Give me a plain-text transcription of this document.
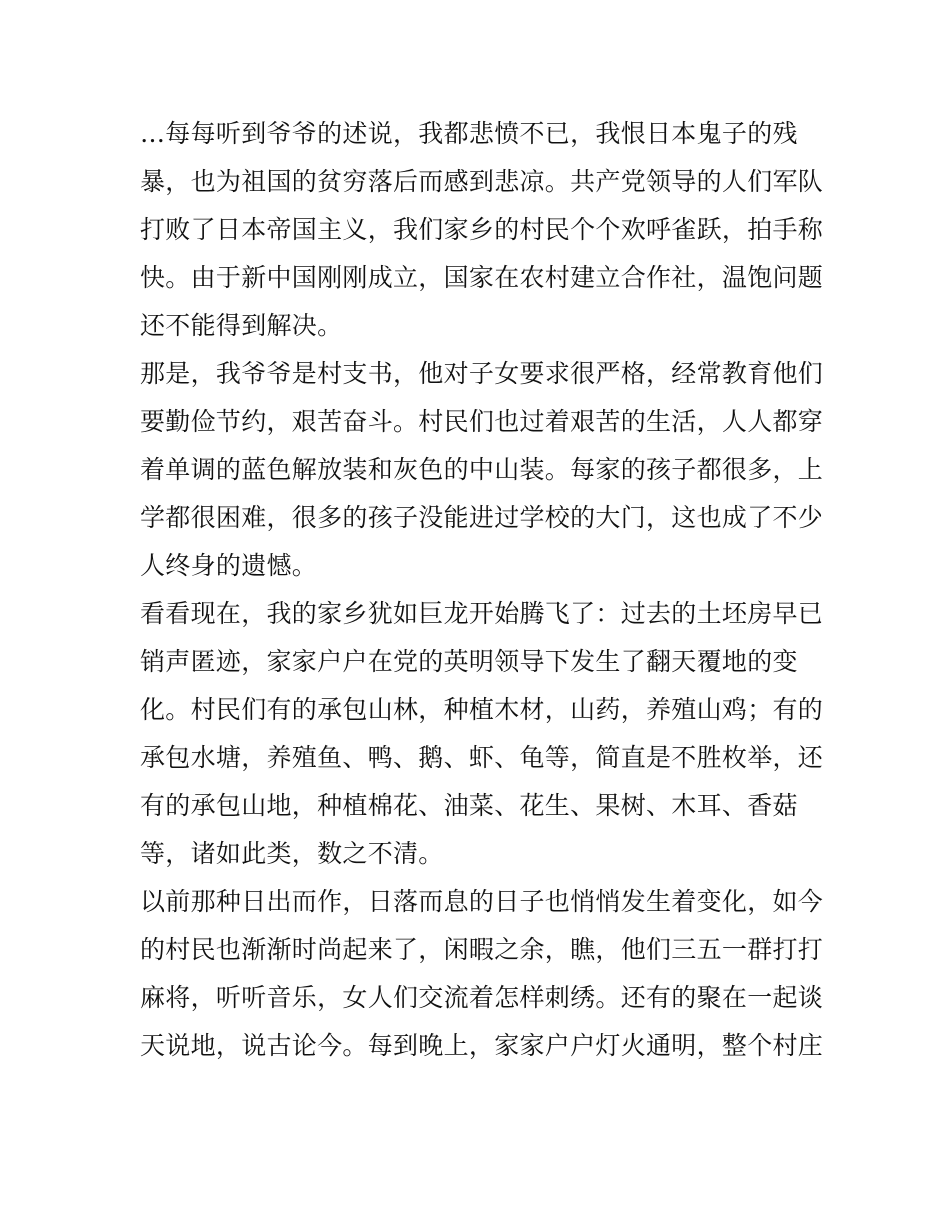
…每每听到爷爷的述说，我都悲愤不已，我恨日本鬼子的残
暴，也为祖国的贫穷落后而感到悲凉。共产党领导的人们军队
打败了日本帝国主义，我们家乡的村民个个欢呼雀跃，拍手称
快。由于新中国刚刚成立，国家在农村建立合作社，温饱问题
还不能得到解决。
那是，我爷爷是村支书，他对子女要求很严格，经常教育他们
要勤俭节约，艰苦奋斗。村民们也过着艰苦的生活，人人都穿
着单调的蓝色解放装和灰色的中山装。每家的孩子都很多，上
学都很困难，很多的孩子没能进过学校的大门，这也成了不少
人终身的遗憾。
看看现在，我的家乡犹如巨龙开始腾飞了：过去的土坯房早已
销声匿迹，家家户户在党的英明领导下发生了翻天覆地的变
化。村民们有的承包山林，种植木材，山药，养殖山鸡；有的
承包水塘，养殖鱼、鸭、鹅、虾、龟等，简直是不胜枚举，还
有的承包山地，种植棉花、油菜、花生、果树、木耳、香菇
等，诸如此类，数之不清。
以前那种日出而作，日落而息的日子也悄悄发生着变化，如今
的村民也渐渐时尚起来了，闲暇之余，瞧，他们三五一群打打
麻将，听听音乐，女人们交流着怎样刺绣。还有的聚在一起谈
天说地，说古论今。每到晚上，家家户户灯火通明，整个村庄
